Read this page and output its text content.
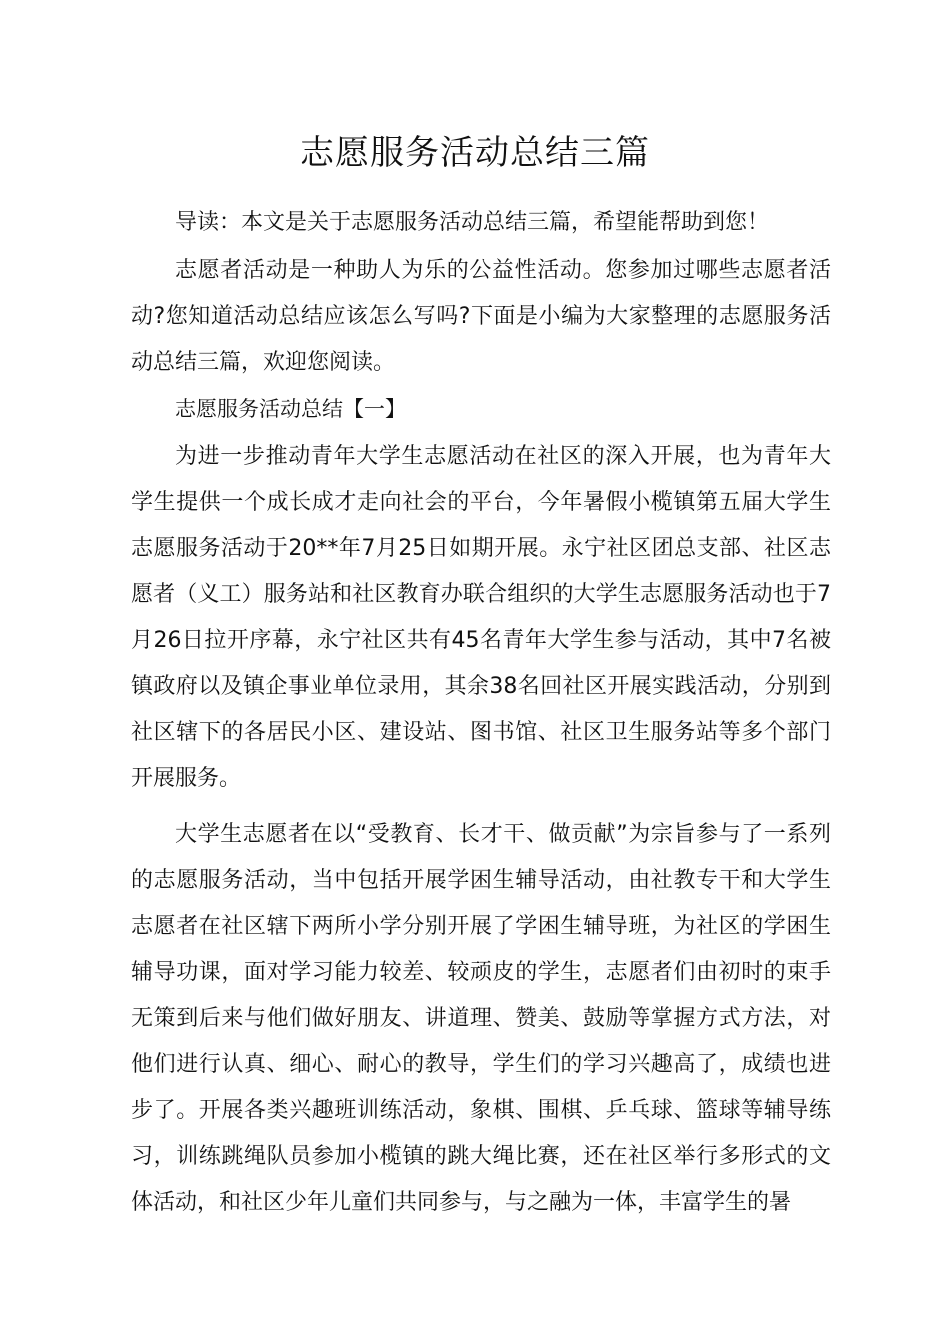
志愿服务活动总结三篇

导读：本文是关于志愿服务活动总结三篇，希望能帮助到您！

志愿者活动是一种助人为乐的公益性活动。您参加过哪些志愿者活动?您知道活动总结应该怎么写吗?下面是小编为大家整理的志愿服务活动总结三篇，欢迎您阅读。

志愿服务活动总结【一】

为进一步推动青年大学生志愿活动在社区的深入开展，也为青年大学生提供一个成长成才走向社会的平台，今年暑假小榄镇第五届大学生志愿服务活动于20**年7月25日如期开展。永宁社区团总支部、社区志愿者（义工）服务站和社区教育办联合组织的大学生志愿服务活动也于7月26日拉开序幕，永宁社区共有45名青年大学生参与活动，其中7名被镇政府以及镇企事业单位录用，其余38名回社区开展实践活动，分别到社区辖下的各居民小区、建设站、图书馆、社区卫生服务站等多个部门开展服务。

大学生志愿者在以“受教育、长才干、做贡献”为宗旨参与了一系列的志愿服务活动，当中包括开展学困生辅导活动，由社教专干和大学生志愿者在社区辖下两所小学分别开展了学困生辅导班，为社区的学困生辅导功课，面对学习能力较差、较顽皮的学生，志愿者们由初时的束手无策到后来与他们做好朋友、讲道理、赞美、鼓励等掌握方式方法，对他们进行认真、细心、耐心的教导，学生们的学习兴趣高了，成绩也进步了。开展各类兴趣班训练活动，象棋、围棋、乒乓球、篮球等辅导练习，训练跳绳队员参加小榄镇的跳大绳比赛，还在社区举行多形式的文体活动，和社区少年儿童们共同参与，与之融为一体，丰富学生的暑
